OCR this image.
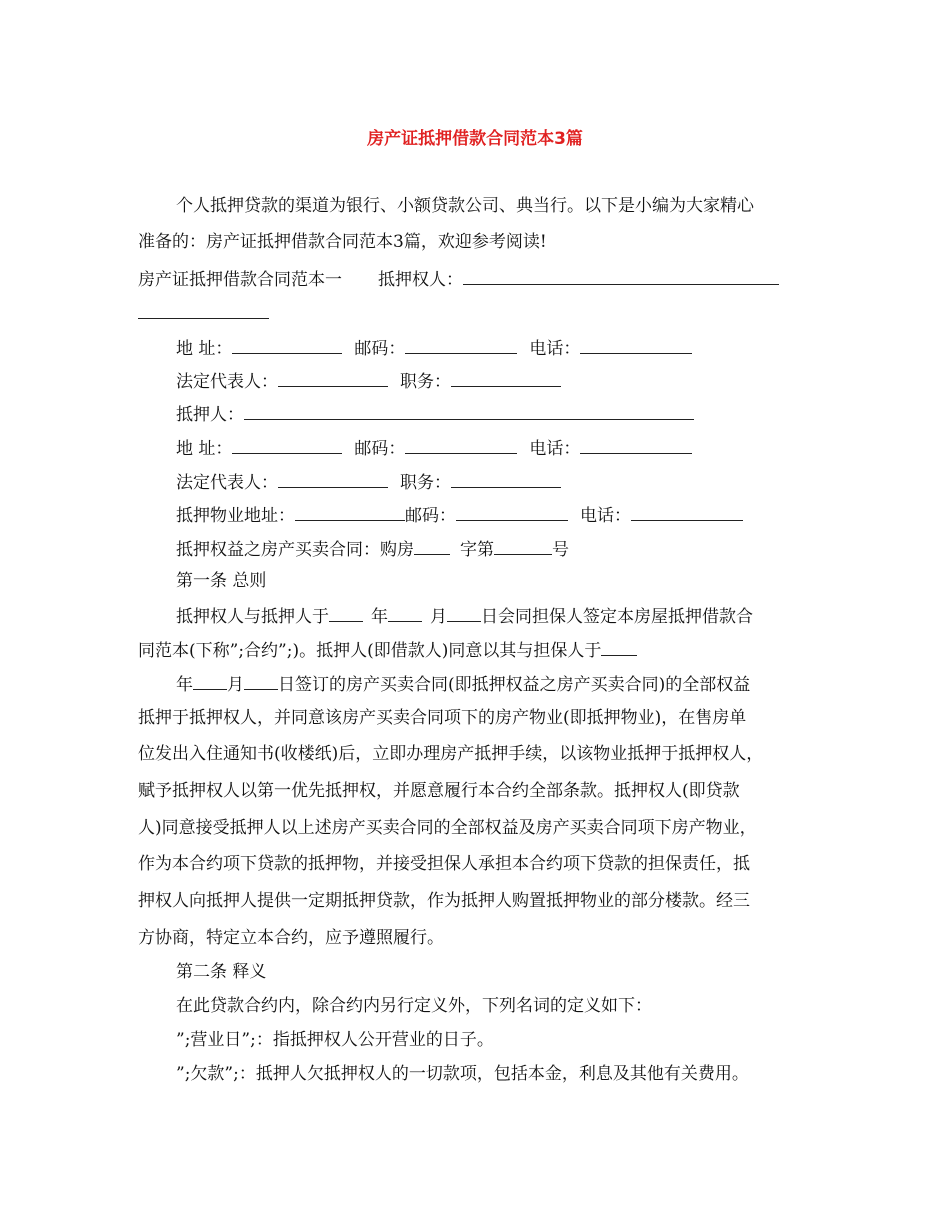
房产证抵押借款合同范本3篇
个人抵押贷款的渠道为银行、小额贷款公司、典当行。以下是小编为大家精心
准备的：房产证抵押借款合同范本3篇，欢迎参考阅读!
房产证抵押借款合同范本一 抵押权人：
地 址：	邮码：	电话：
法定代表人：	职务：
抵押人：
地 址：	邮码：	电话：
法定代表人：	职务：
抵押物业地址：	邮码：	电话：
抵押权益之房产买卖合同：购房	字第	号
第一条 总则
抵押权人与抵押人于 年 月 日会同担保人签定本房屋抵押借款合
同范本(下称”;合约”;)。抵押人(即借款人)同意以其与担保人于
年 月 日签订的房产买卖合同(即抵押权益之房产买卖合同)的全部权益
抵押于抵押权人，并同意该房产买卖合同项下的房产物业(即抵押物业)，在售房单
位发出入住通知书(收楼纸)后，立即办理房产抵押手续，以该物业抵押于抵押权人，
赋予抵押权人以第一优先抵押权，并愿意履行本合约全部条款。抵押权人(即贷款
人)同意接受抵押人以上述房产买卖合同的全部权益及房产买卖合同项下房产物业，
作为本合约项下贷款的抵押物，并接受担保人承担本合约项下贷款的担保责任，抵
押权人向抵押人提供一定期抵押贷款，作为抵押人购置抵押物业的部分楼款。经三
方协商，特定立本合约，应予遵照履行。
第二条 释义
在此贷款合约内，除合约内另行定义外，下列名词的定义如下：
”;营业日”;：指抵押权人公开营业的日子。
”;欠款”;：抵押人欠抵押权人的一切款项，包括本金，利息及其他有关费用。
